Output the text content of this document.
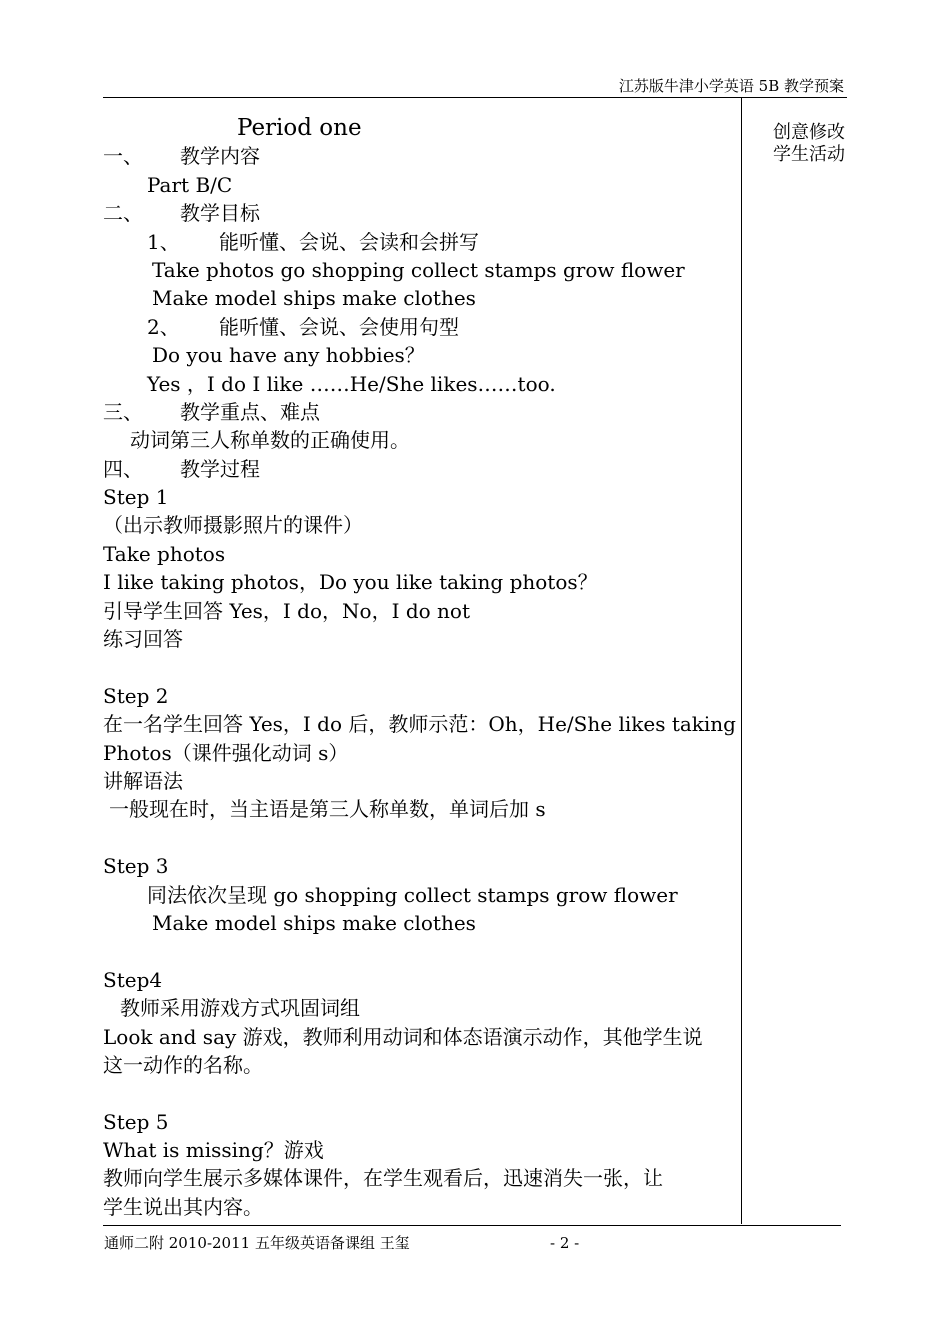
江苏版牛津小学英语 5B 教学预案
创意修改
学生活动
Period one
一、 教学内容
Part B/C
二、 教学目标
1、 能听懂、会说、会读和会拼写
Take photos go shopping collect stamps grow flower
Make model ships make clothes
2、 能听懂、会说、会使用句型
Do you have any hobbies？
Yes ，I do I like ……He/She likes……too.
三、 教学重点、难点
动词第三人称单数的正确使用。
四、 教学过程
Step 1
（出示教师摄影照片的课件）
Take photos
I like taking photos，Do you like taking photos？
引导学生回答 Yes，I do，No，I do not
练习回答
Step 2
在一名学生回答 Yes，I do 后，教师示范：Oh，He/She likes taking
Photos（课件强化动词 s）
讲解语法
一般现在时，当主语是第三人称单数，单词后加 s
Step 3
同法依次呈现 go shopping collect stamps grow flower
Make model ships make clothes
Step4
教师采用游戏方式巩固词组
Look and say 游戏，教师利用动词和体态语演示动作，其他学生说
这一动作的名称。
Step 5
What is missing？游戏
教师向学生展示多媒体课件，在学生观看后，迅速消失一张，让
学生说出其内容。
通师二附 2010-2011 五年级英语备课组 王玺	- 2 -
